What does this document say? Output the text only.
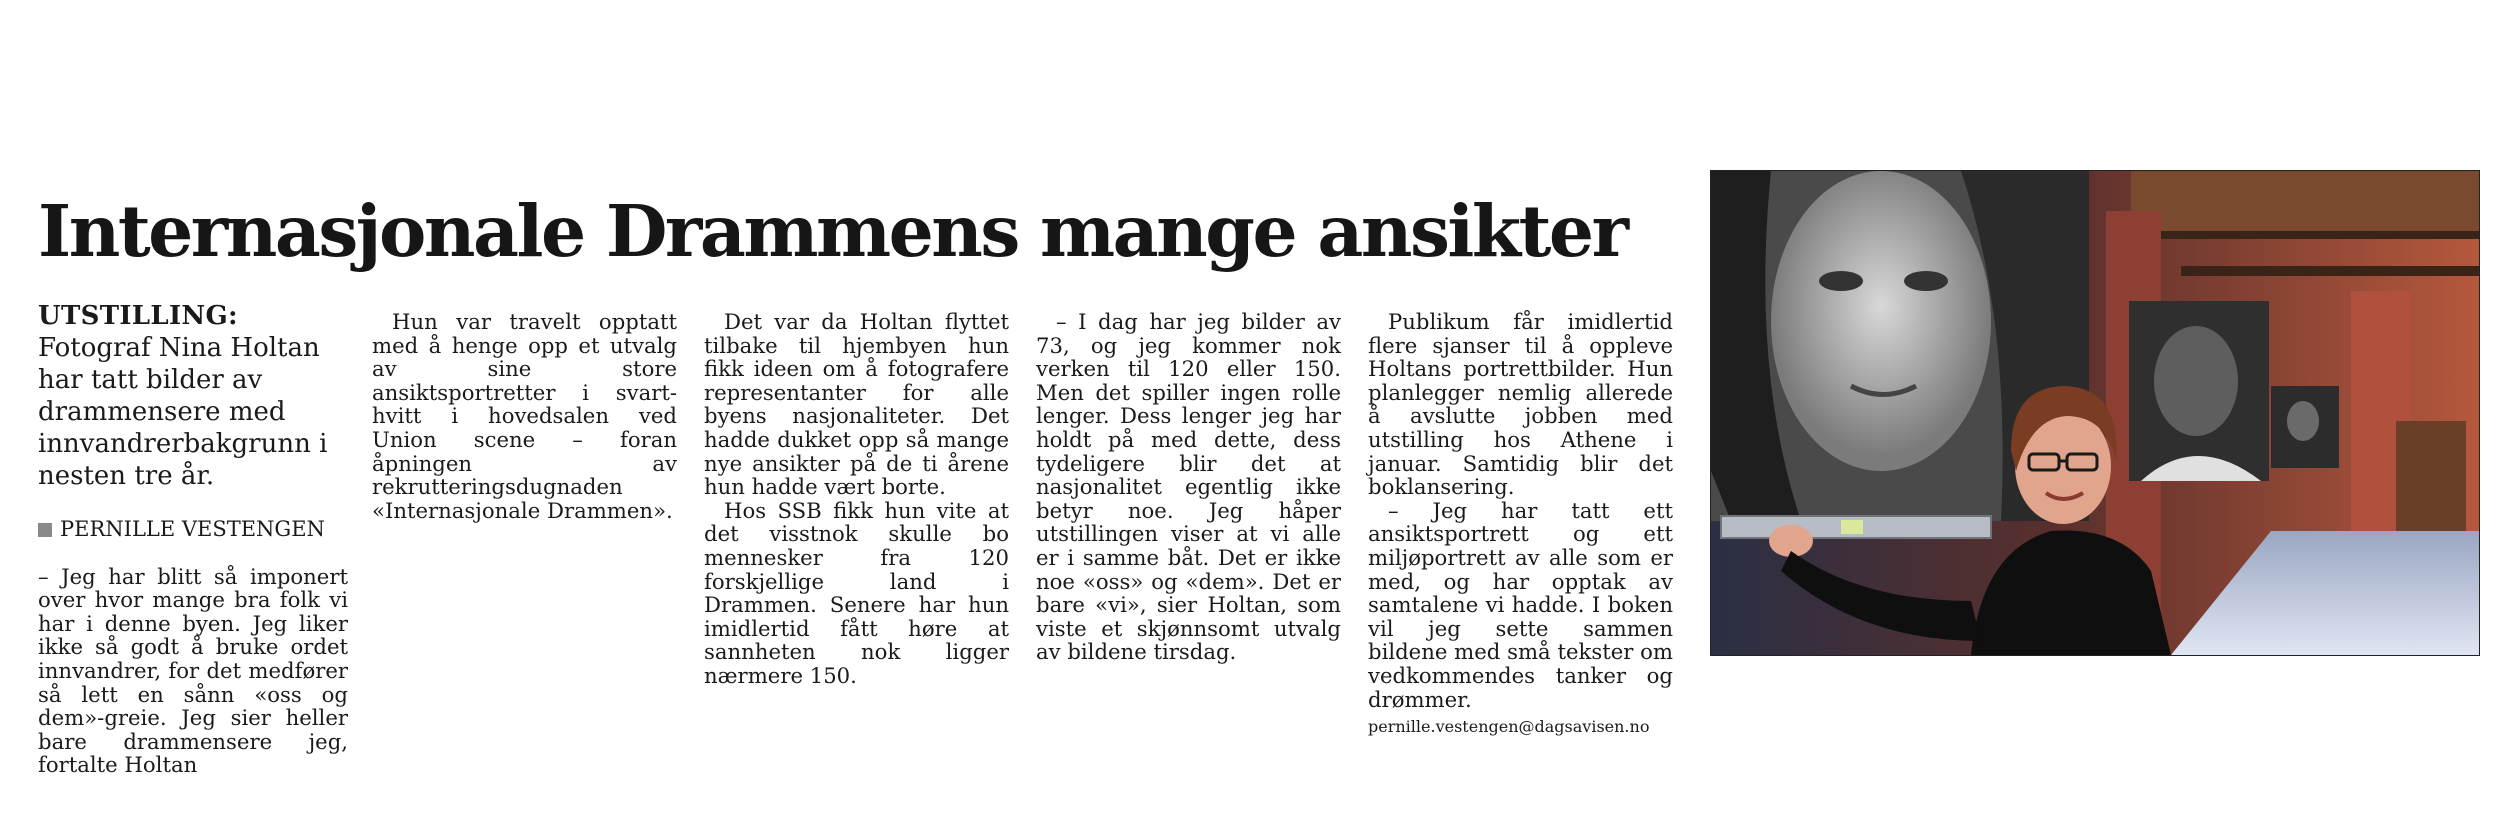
Internasjonale Drammens mange ansikter

UTSTILLING: Fotograf Nina Holtan har tatt bilder av drammensere med innvandrerbakgrunn i nesten tre år.

PERNILLE VESTENGEN

– Jeg har blitt så imponert over hvor mange bra folk vi har i denne byen. Jeg liker ikke så godt å bruke ordet innvandrer, for det medfører så lett en sånn «oss og dem»-greie. Jeg sier heller bare drammensere jeg, fortalte Holtan

Hun var travelt opptatt med å henge opp et utvalg av sine store ansiktsportretter i svart-hvitt i hovedsalen ved Union scene – foran åpningen av rekrutteringsdugnaden «Internasjonale Drammen».

Det var da Holtan flyttet tilbake til hjembyen hun fikk ideen om å fotografere representanter for alle byens nasjonaliteter. Det hadde dukket opp så mange nye ansikter på de ti årene hun hadde vært borte.

Hos SSB fikk hun vite at det visstnok skulle bo mennesker fra 120 forskjellige land i Drammen. Senere har hun imidlertid fått høre at sannheten nok ligger nærmere 150.

– I dag har jeg bilder av 73, og jeg kommer nok verken til 120 eller 150. Men det spiller ingen rolle lenger. Dess lenger jeg har holdt på med dette, dess tydeligere blir det at nasjonalitet egentlig ikke betyr noe. Jeg håper utstillingen viser at vi alle er i samme båt. Det er ikke noe «oss» og «dem». Det er bare «vi», sier Holtan, som viste et skjønnsomt utvalg av bildene tirsdag.

Publikum får imidlertid flere sjanser til å oppleve Holtans portrettbilder. Hun planlegger nemlig allerede å avslutte jobben med utstilling hos Athene i januar. Samtidig blir det boklansering.

– Jeg har tatt ett ansiktsportrett og ett miljøportrett av alle som er med, og har opptak av samtalene vi hadde. I boken vil jeg sette sammen bildene med små tekster om vedkommendes tanker og drømmer.

pernille.vestengen@dagsavisen.no
